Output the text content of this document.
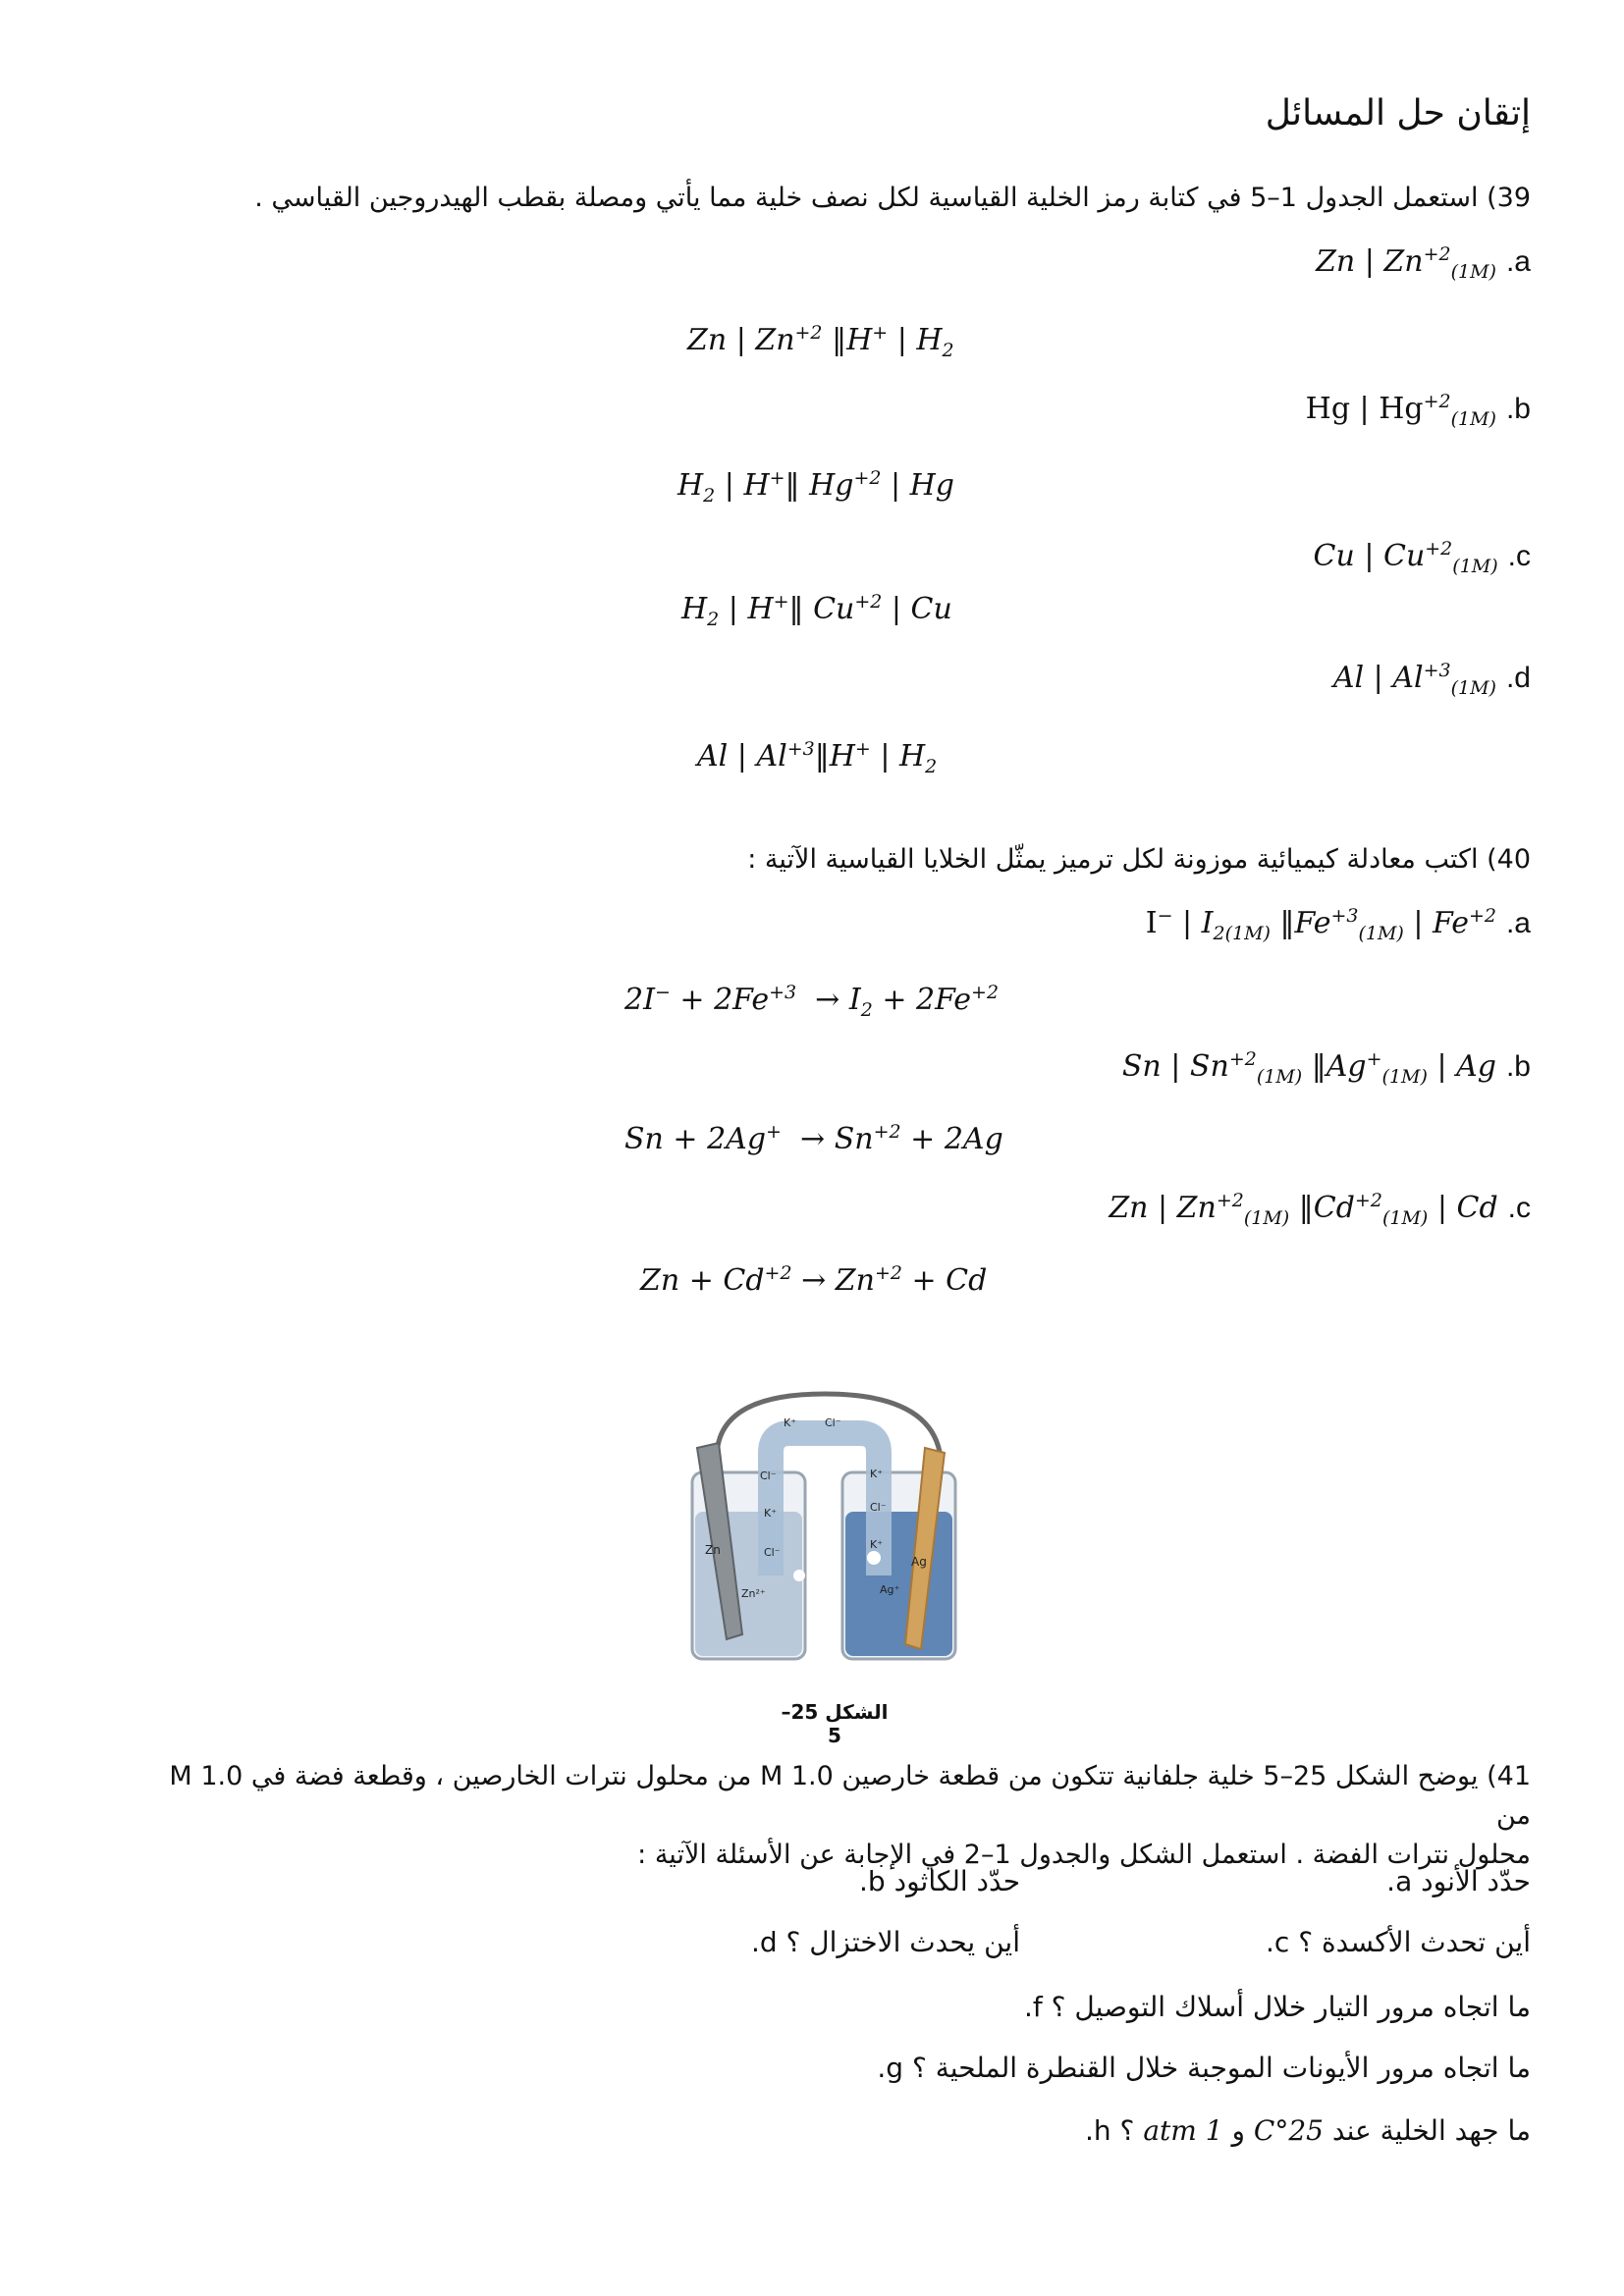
إتقان حل المسائل
39) استعمل الجدول 1–5 في كتابة رمز الخلية القياسية لكل نصف خلية مما يأتي ومصلة بقطب الهيدروجين القياسي .
Zn | $Zn^{+2}_{(1M)}$ .a
Zn | $Zn^{+2}$ ‖H+ | $H_2$
Hg | $Hg^{+2}_{(1M)}$ .b
$H_2$ | H+‖ $Hg^{+2}$ | Hg
Cu | $Cu^{+2}_{(1M)}$ .c
$H_2$ | H+‖ $Cu^{+2}$ | Cu
Al | $Al^{+3}_{(1M)}$ .d
Al | $Al^{+3}‖H^+$ | $H_2$
40) اكتب معادلة كيميائية موزونة لكل ترميز يمثّل الخلايا القياسية الآتية :
I− | $I_{2(1M)}$ $‖Fe^{+3}_{(1M)}$ | $Fe^{+2}$ .a
$2I^- + 2Fe^{+3} \to I_2 + 2Fe^{+2}$
Sn | $Sn^{+2}_{(1M)}$ $‖Ag^+_{(1M)}$ | Ag .b
$Sn + 2Ag^+ \to Sn^{+2} + 2Ag$
Zn | $Zn^{+2}_{(1M)}$ $‖Cd^{+2}_{(1M)}$ | Cd .c
$Zn + Cd^{+2} \to Zn^{+2} + Cd$
K⁺	Cl⁻
Cl⁻
K⁺
Cl⁻
Zn
Zn²⁺
K⁺
Cl⁻
K⁺
Ag
Ag⁺
الشكل 25–5
41) يوضح الشكل 25–5 خلية جلفانية تتكون من قطعة خارصين 1.0 M من محلول نترات الخارصين ، وقطعة فضة في 1.0 M من
محلول نترات الفضة . استعمل الشكل والجدول 1–2 في الإجابة عن الأسئلة الآتية :
حدّد الأنود a.
حدّد الكاثود b.
أين تحدث الأكسدة ؟ c.
أين يحدث الاختزال ؟ d.
ما اتجاه مرور التيار خلال أسلاك التوصيل ؟ f.
ما اتجاه مرور الأيونات الموجبة خلال القنطرة الملحية ؟ g.
ما جهد الخلية عند 25°C و 1 atm ؟ h.
